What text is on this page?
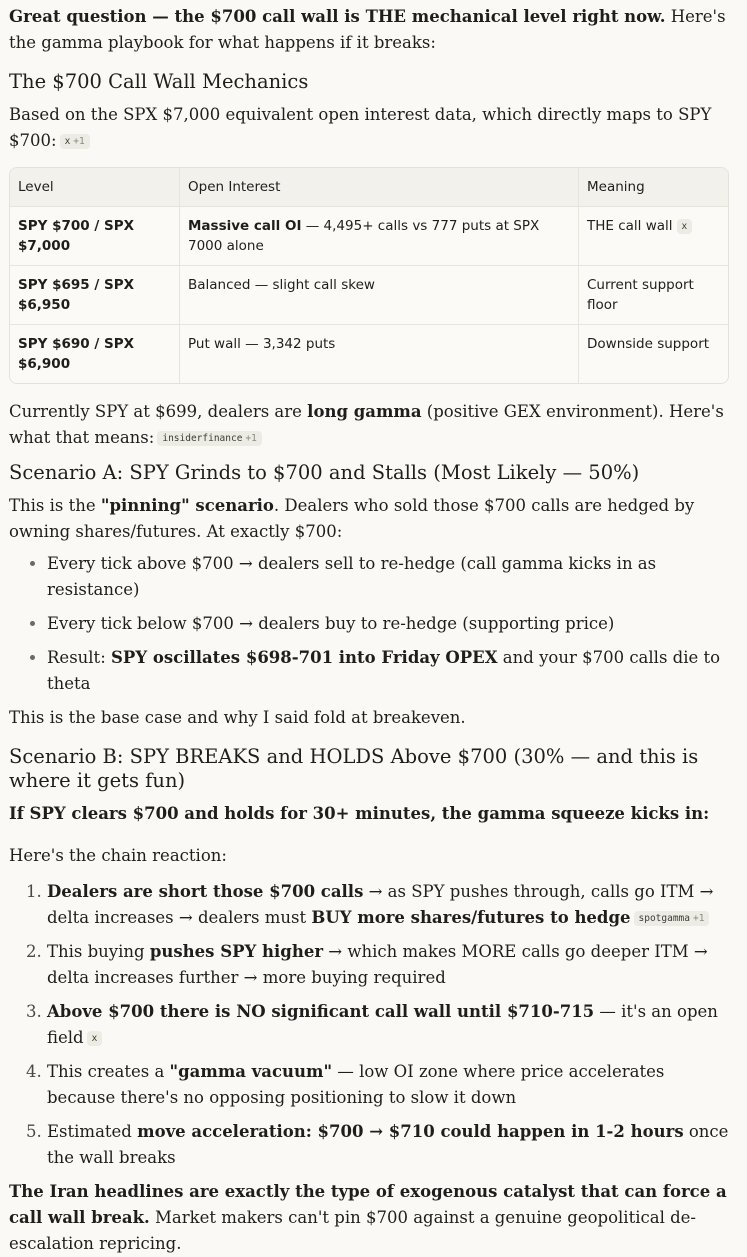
Great question — the $700 call wall is THE mechanical level right now. Here's the gamma playbook for what happens if it breaks:

The $700 Call Wall Mechanics

Based on the SPX $7,000 equivalent open interest data, which directly maps to SPY $700: x +1

Level	Open Interest	Meaning
SPY $700 / SPX $7,000	Massive call OI — 4,495+ calls vs 777 puts at SPX 7000 alone	THE call wall x
SPY $695 / SPX $6,950	Balanced — slight call skew	Current support floor
SPY $690 / SPX $6,900	Put wall — 3,342 puts	Downside support

Currently SPY at $699, dealers are long gamma (positive GEX environment). Here's what that means: insiderfinance +1

Scenario A: SPY Grinds to $700 and Stalls (Most Likely — 50%)

This is the "pinning" scenario. Dealers who sold those $700 calls are hedged by owning shares/futures. At exactly $700:

• Every tick above $700 → dealers sell to re-hedge (call gamma kicks in as resistance)
• Every tick below $700 → dealers buy to re-hedge (supporting price)
• Result: SPY oscillates $698-701 into Friday OPEX and your $700 calls die to theta

This is the base case and why I said fold at breakeven.

Scenario B: SPY BREAKS and HOLDS Above $700 (30% — and this is where it gets fun)

If SPY clears $700 and holds for 30+ minutes, the gamma squeeze kicks in:

Here's the chain reaction:

1. Dealers are short those $700 calls → as SPY pushes through, calls go ITM → delta increases → dealers must BUY more shares/futures to hedge spotgamma +1
2. This buying pushes SPY higher → which makes MORE calls go deeper ITM → delta increases further → more buying required
3. Above $700 there is NO significant call wall until $710-715 — it's an open field x
4. This creates a "gamma vacuum" — low OI zone where price accelerates because there's no opposing positioning to slow it down
5. Estimated move acceleration: $700 → $710 could happen in 1-2 hours once the wall breaks

The Iran headlines are exactly the type of exogenous catalyst that can force a call wall break. Market makers can't pin $700 against a genuine geopolitical de-escalation repricing.
